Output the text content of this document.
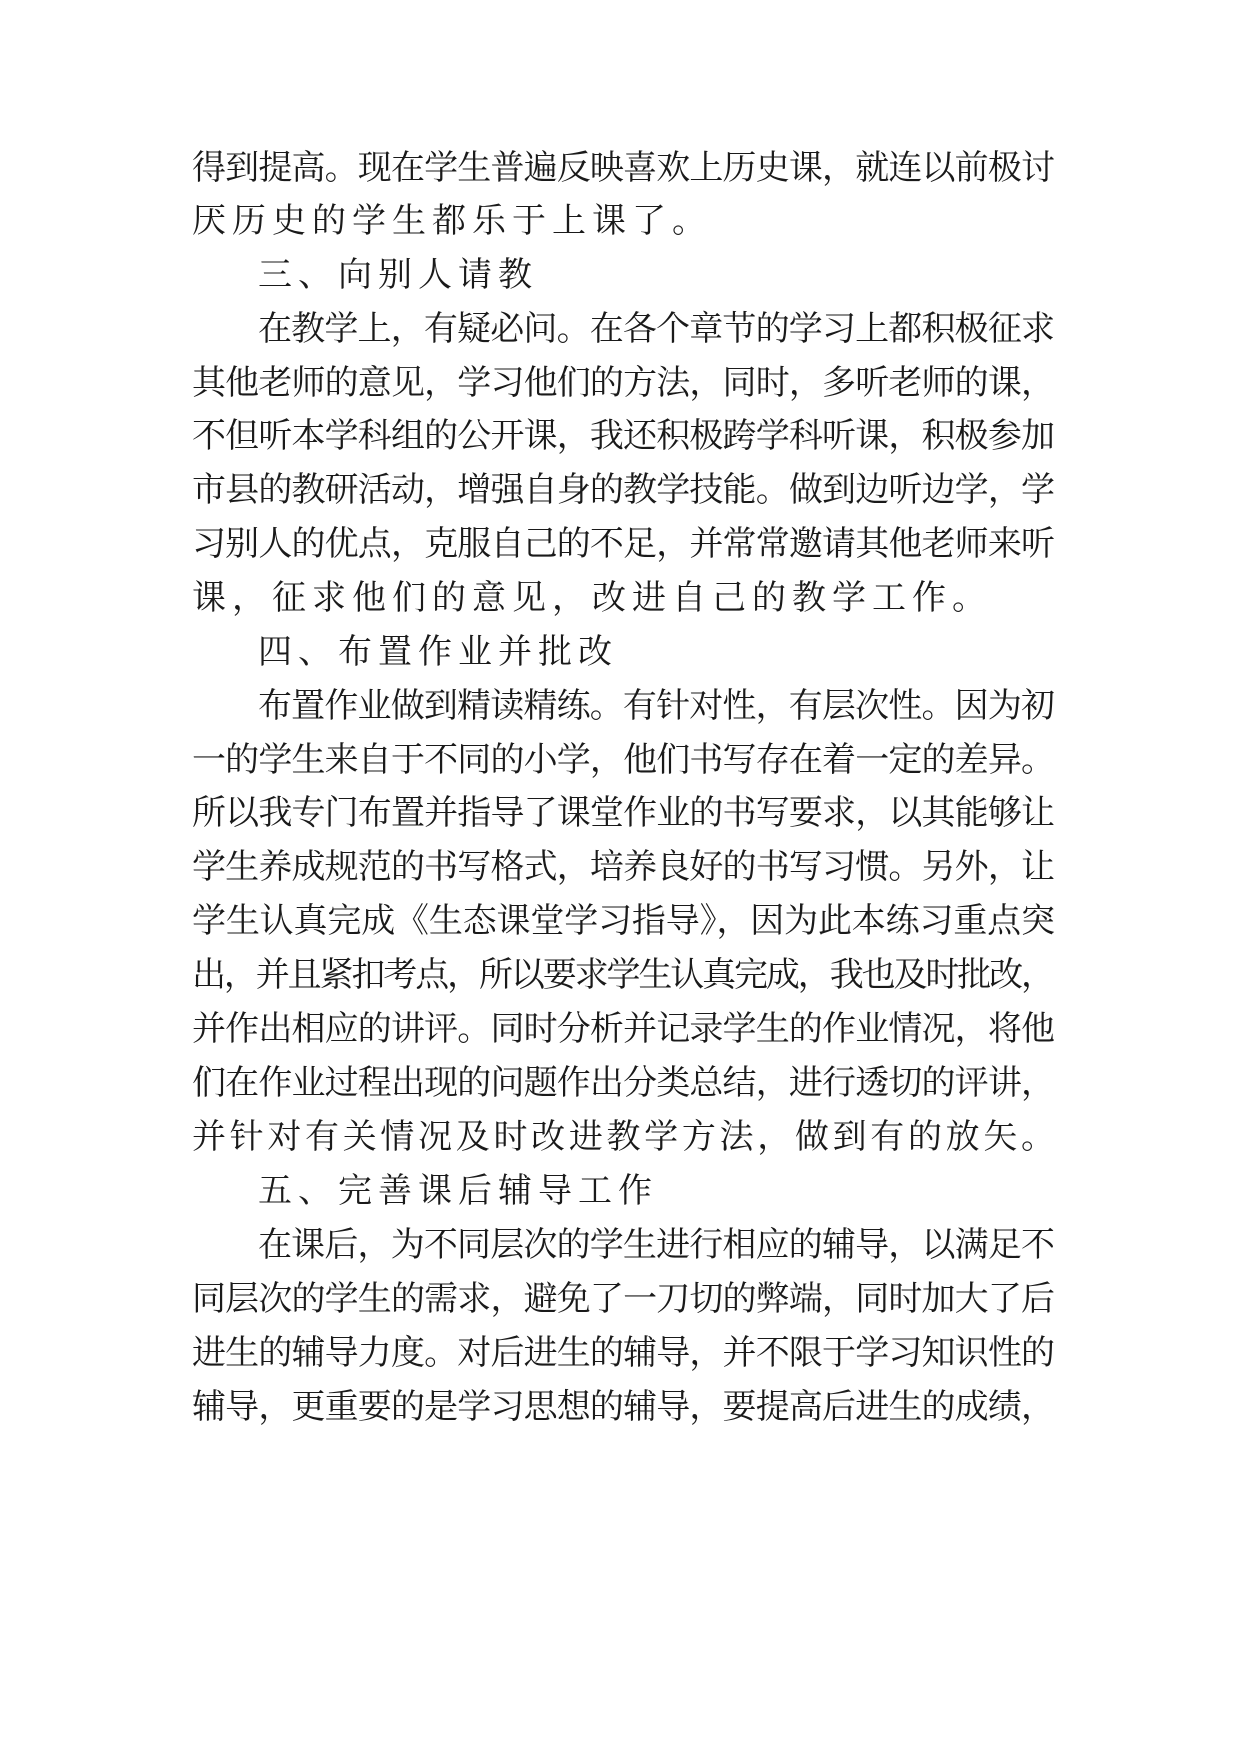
得到提高。现在学生普遍反映喜欢上历史课，就连以前极讨
厌历史的学生都乐于上课了。
三、向别人请教
在教学上，有疑必问。在各个章节的学习上都积极征求
其他老师的意见，学习他们的方法，同时，多听老师的课，
不但听本学科组的公开课，我还积极跨学科听课，积极参加
市县的教研活动，增强自身的教学技能。做到边听边学，学
习别人的优点，克服自己的不足，并常常邀请其他老师来听
课，征求他们的意见，改进自己的教学工作。
四、布置作业并批改
布置作业做到精读精练。有针对性，有层次性。因为初
一的学生来自于不同的小学，他们书写存在着一定的差异。
所以我专门布置并指导了课堂作业的书写要求，以其能够让
学生养成规范的书写格式，培养良好的书写习惯。另外，让
学生认真完成《生态课堂学习指导》，因为此本练习重点突
出，并且紧扣考点，所以要求学生认真完成，我也及时批改，
并作出相应的讲评。同时分析并记录学生的作业情况，将他
们在作业过程出现的问题作出分类总结，进行透切的评讲，
并针对有关情况及时改进教学方法，做到有的放矢。
五、完善课后辅导工作
在课后，为不同层次的学生进行相应的辅导，以满足不
同层次的学生的需求，避免了一刀切的弊端，同时加大了后
进生的辅导力度。对后进生的辅导，并不限于学习知识性的
辅导，更重要的是学习思想的辅导，要提高后进生的成绩，
